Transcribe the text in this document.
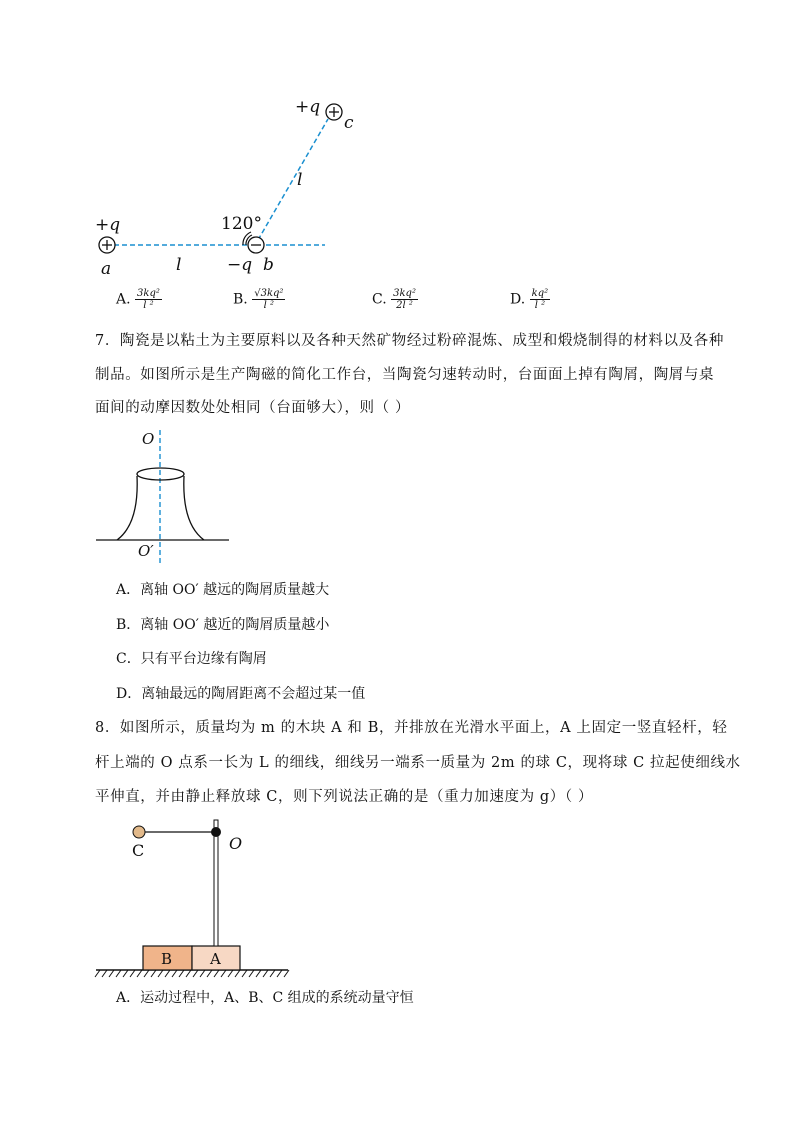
+q
c
l
120°
+q
a	l	−q b
A. $\frac{\text{3kq²}}{\text{l ²}}$	B. $\frac{\text{√3kq²}}{\text{l ²}}$	C. $\frac{\text{3kq²}}{\text{2l ²}}$	D. $\frac{\text{kq²}}{\text{l ²}}$
7．陶瓷是以粘土为主要原料以及各种天然矿物经过粉碎混炼、成型和煅烧制得的材料以及各种
制品。如图所示是生产陶磁的简化工作台，当陶瓷匀速转动时，台面面上掉有陶屑，陶屑与桌
面间的动摩因数处处相同（台面够大），则（ ）
O
O′
A．离轴 OO′ 越远的陶屑质量越大
B．离轴 OO′ 越近的陶屑质量越小
C．只有平台边缘有陶屑
D．离轴最远的陶屑距离不会超过某一值
8．如图所示，质量均为 m 的木块 A 和 B，并排放在光滑水平面上，A 上固定一竖直轻杆，轻
杆上端的 O 点系一长为 L 的细线，细线另一端系一质量为 2m 的球 C，现将球 C 拉起使细线水
平伸直，并由静止释放球 C，则下列说法正确的是（重力加速度为 g）（ ）
C	O
B	A
A．运动过程中，A、B、C 组成的系统动量守恒
